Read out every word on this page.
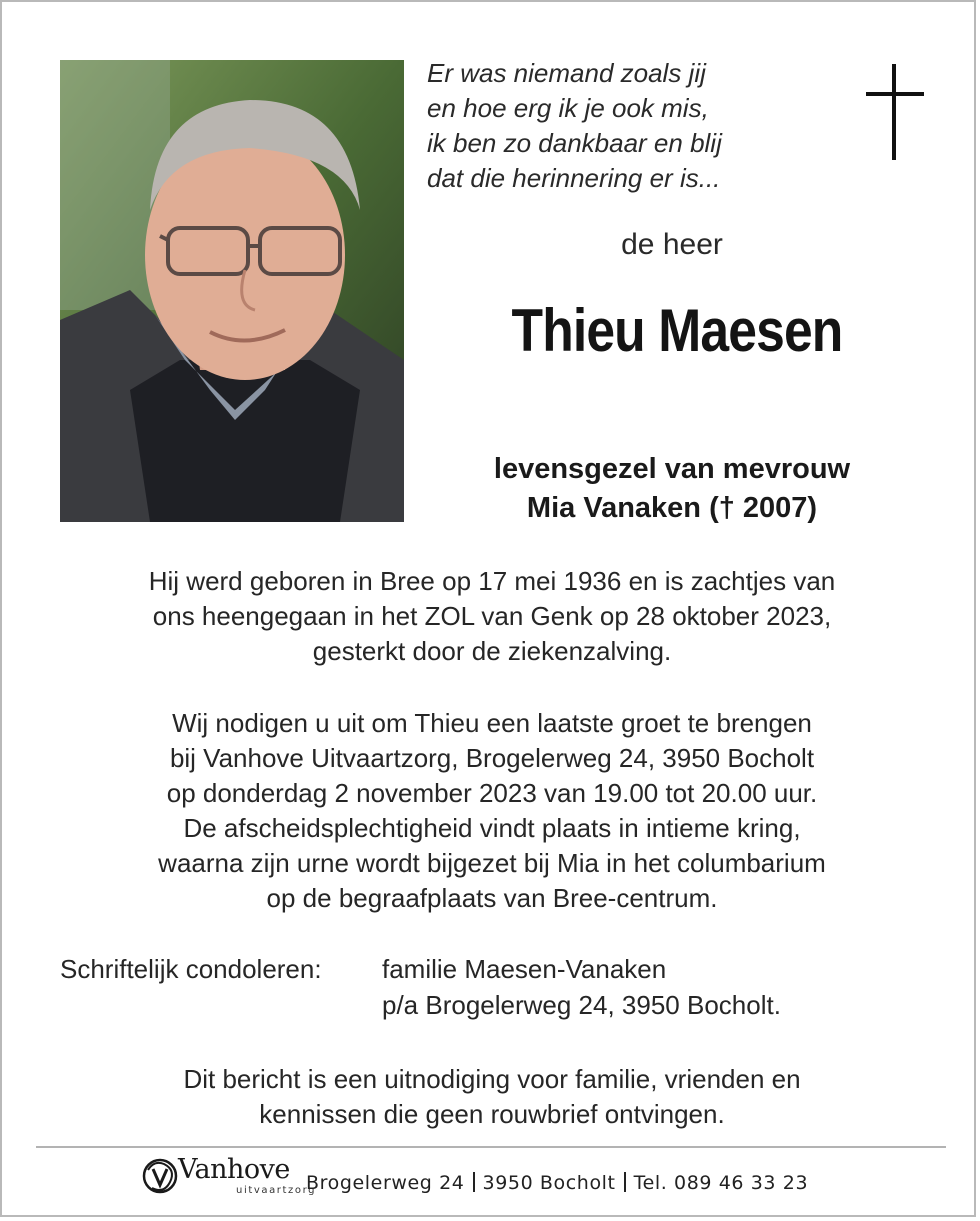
Er was niemand zoals jij
en hoe erg ik je ook mis,
ik ben zo dankbaar en blij
dat die herinnering er is...
de heer
Thieu Maesen
levensgezel van mevrouw
Mia Vanaken († 2007)
Hij werd geboren in Bree op 17 mei 1936 en is zachtjes van
ons heengegaan in het ZOL van Genk op 28 oktober 2023,
gesterkt door de ziekenzalving.
Wij nodigen u uit om Thieu een laatste groet te brengen
bij Vanhove Uitvaartzorg, Brogelerweg 24, 3950 Bocholt
op donderdag 2 november 2023 van 19.00 tot 20.00 uur.
De afscheidsplechtigheid vindt plaats in intieme kring,
waarna zijn urne wordt bijgezet bij Mia in het columbarium
op de begraafplaats van Bree-centrum.
Schriftelijk condoleren: familie Maesen-Vanaken
p/a Brogelerweg 24, 3950 Bocholt.
Dit bericht is een uitnodiging voor familie, vrienden en
kennissen die geen rouwbrief ontvingen.
Vanhove
uitvaartzorg
Brogelerweg 24 3950 Bocholt Tel. 089 46 33 23
